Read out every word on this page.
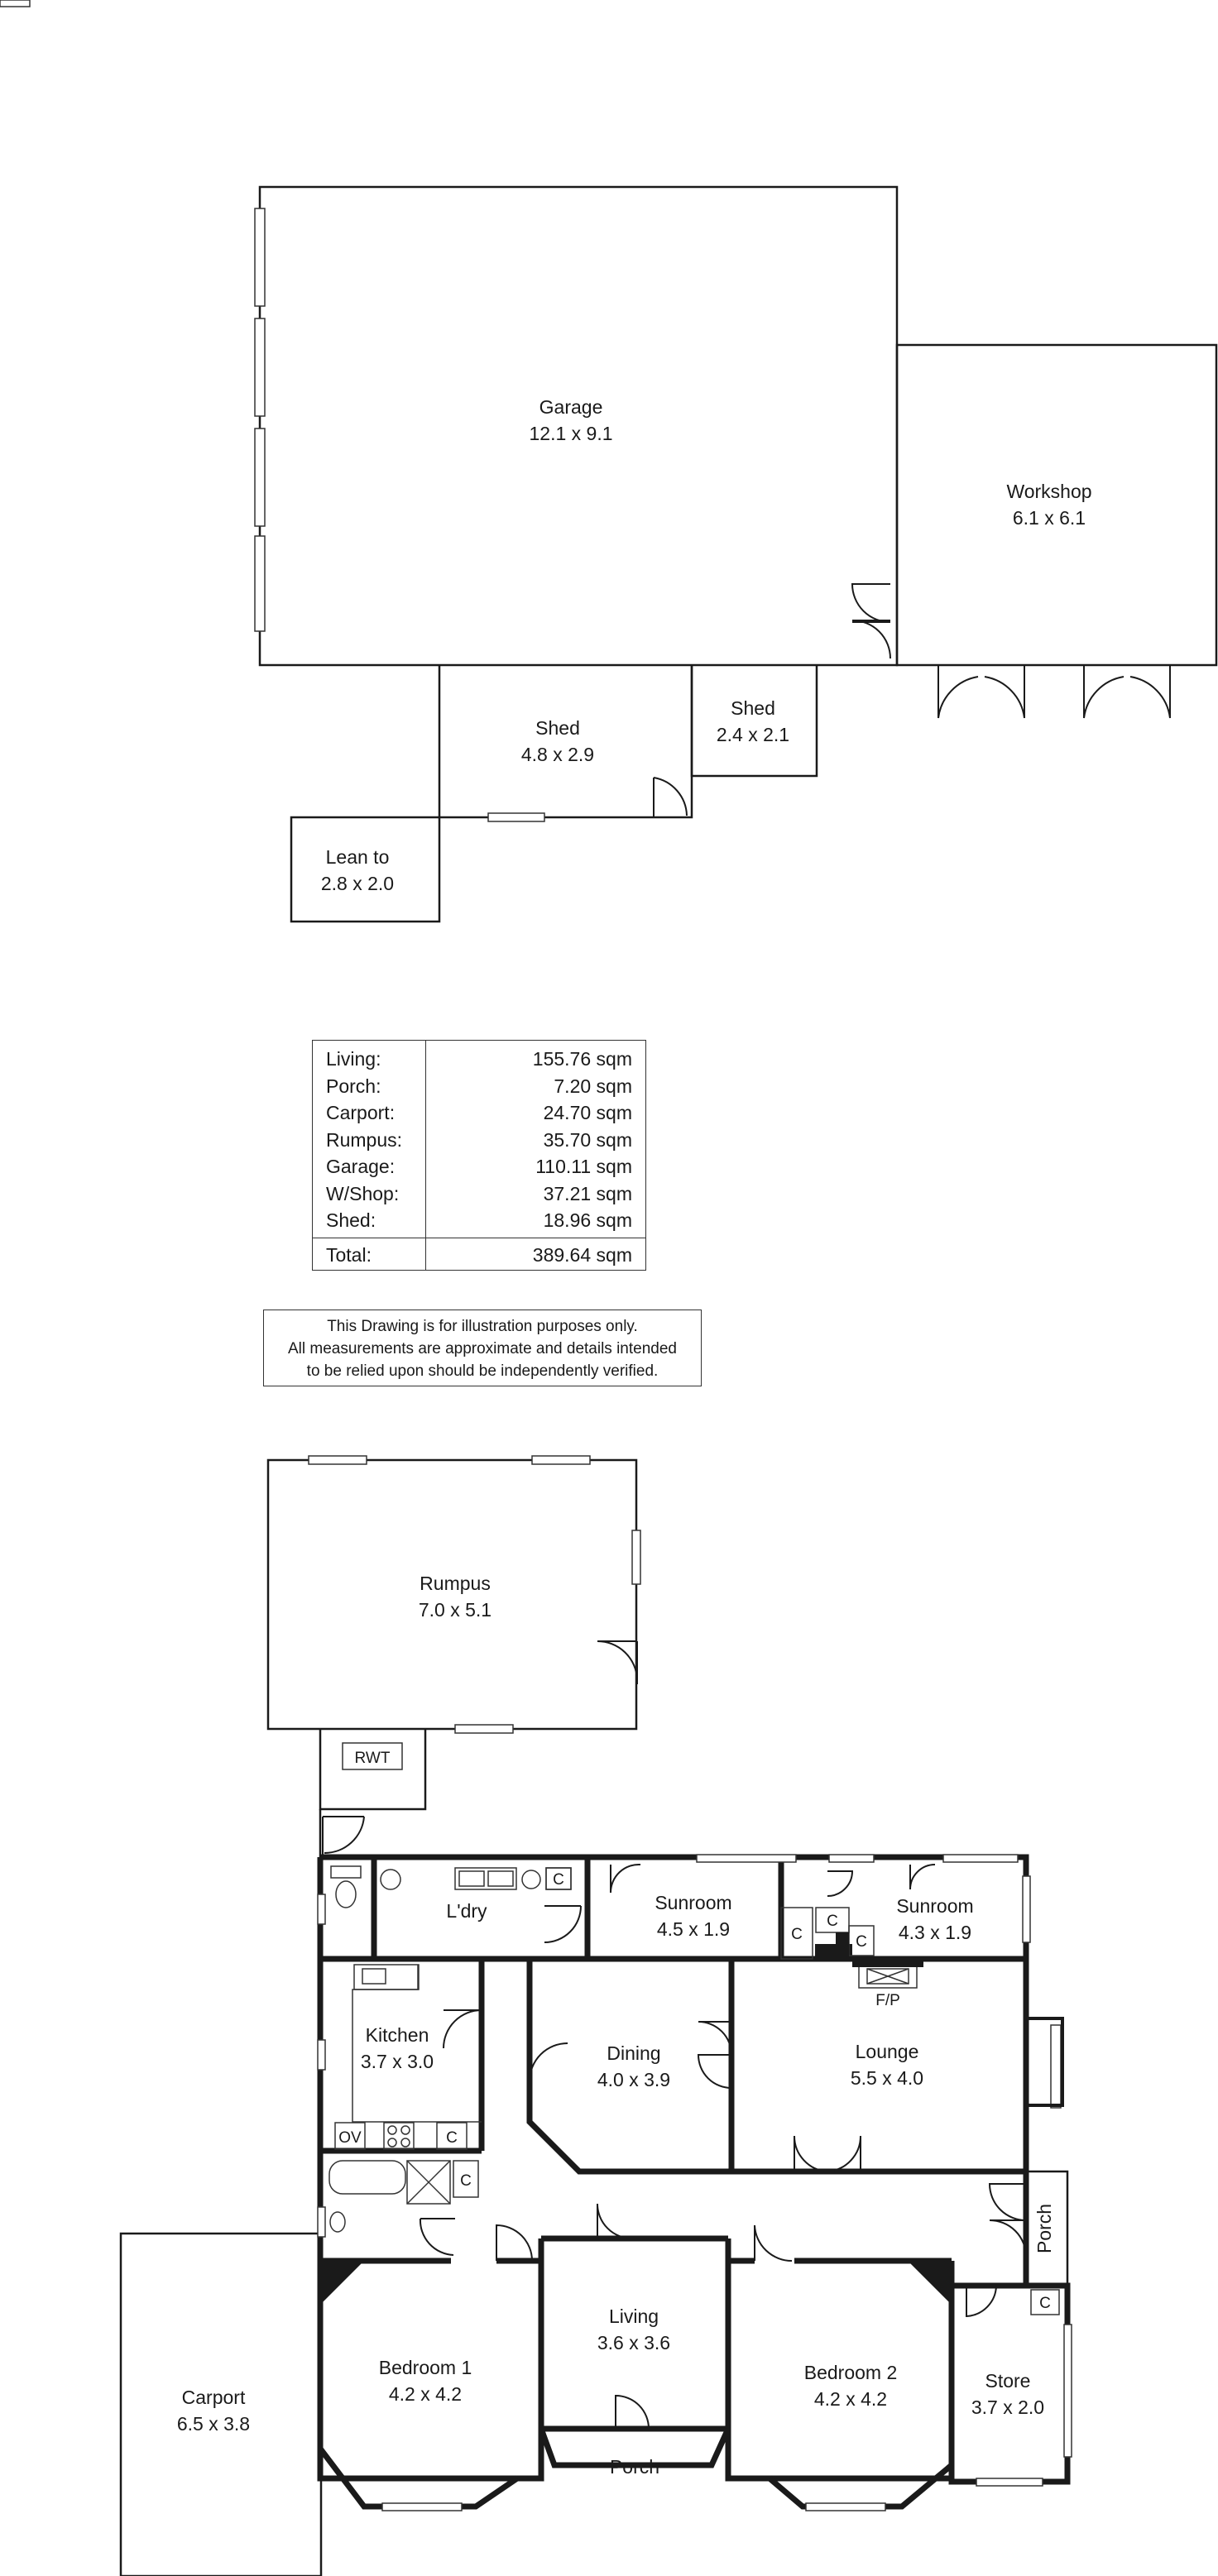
Garage
12.1 x 9.1
Workshop
6.1 x 6.1
Shed
4.8 x 2.9
Shed
2.4 x 2.1
Lean to
2.8 x 2.0
Rumpus
7.0 x 5.1
RWT
L'dry	Sunroom
4.5 x 1.9
Sunroom
4.3 x 1.9
Kitchen
3.7 x 3.0	Dining
4.0 x 3.9
Lounge
5.5 x 4.0
Bedroom 1
4.2 x 4.2
Living
3.6 x 3.6
Bedroom 2
4.2 x 4.2
Store
3.7 x 2.0
Porch
Porch
Carport
6.5 x 3.8
C
C
C
C
C
C
C
F/P
OV
Living:	155.76 sqm
Porch:	7.20 sqm
Carport:	24.70 sqm
Rumpus:	35.70 sqm
Garage:	110.11 sqm
W/Shop:	37.21 sqm
Shed:	18.96 sqm
Total:	389.64 sqm
This Drawing is for illustration purposes only.
All measurements are approximate and details intended
to be relied upon should be independently verified.
